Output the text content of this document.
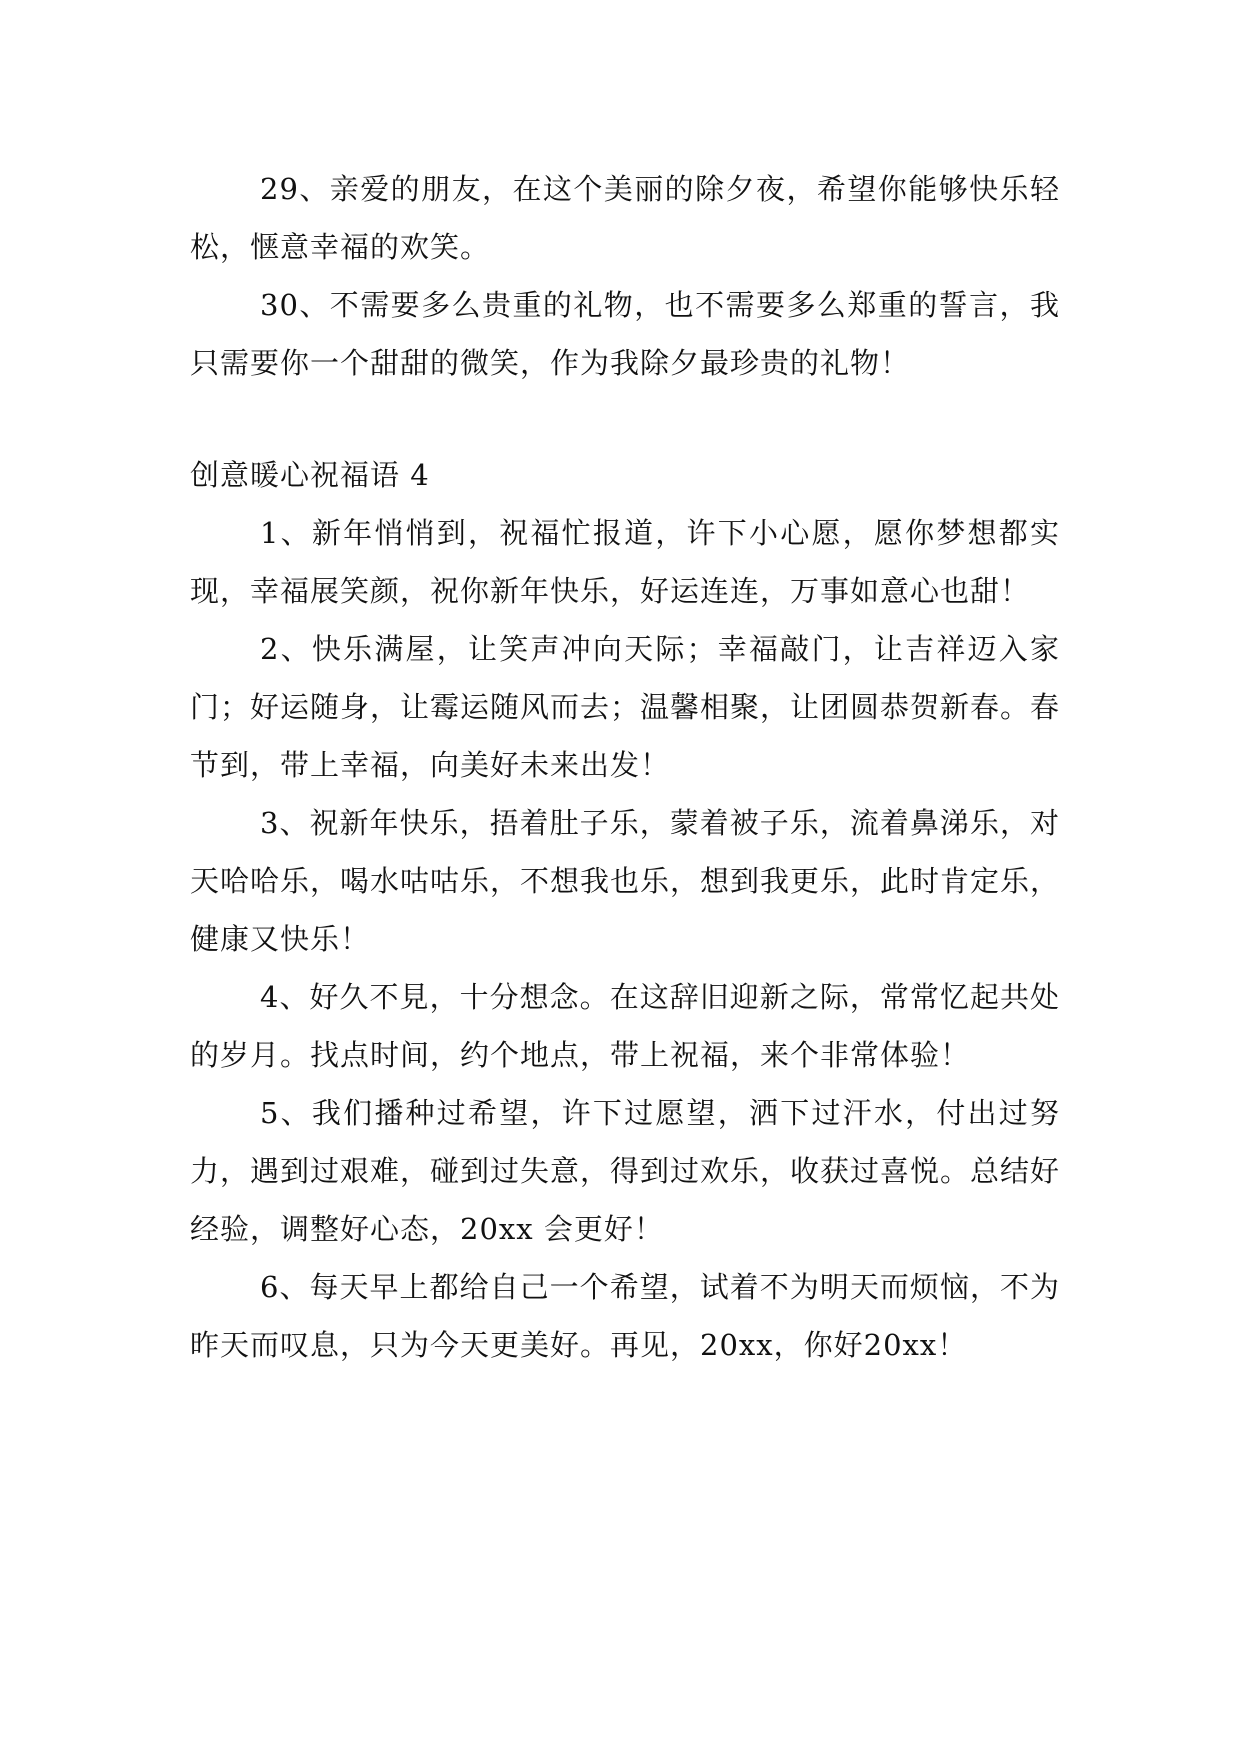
29、亲爱的朋友，在这个美丽的除夕夜，希望你能够快乐轻松，惬意幸福的欢笑。

30、不需要多么贵重的礼物，也不需要多么郑重的誓言，我只需要你一个甜甜的微笑，作为我除夕最珍贵的礼物！

创意暖心祝福语 4

1、新年悄悄到，祝福忙报道，许下小心愿，愿你梦想都实现，幸福展笑颜，祝你新年快乐，好运连连，万事如意心也甜！

2、快乐满屋，让笑声冲向天际；幸福敲门，让吉祥迈入家门；好运随身，让霉运随风而去；温馨相聚，让团圆恭贺新春。春节到，带上幸福，向美好未来出发！

3、祝新年快乐，捂着肚子乐，蒙着被子乐，流着鼻涕乐，对天哈哈乐，喝水咕咕乐，不想我也乐，想到我更乐，此时肯定乐，健康又快乐！

4、好久不見，十分想念。在这辞旧迎新之际，常常忆起共处的岁月。找点时间，约个地点，带上祝福，来个非常体验！

5、我们播种过希望，许下过愿望，洒下过汗水，付出过努力，遇到过艰难，碰到过失意，得到过欢乐，收获过喜悦。总结好经验，调整好心态，20xx 会更好！

6、每天早上都给自己一个希望，试着不为明天而烦恼，不为昨天而叹息，只为今天更美好。再见，20xx，你好20xx！
